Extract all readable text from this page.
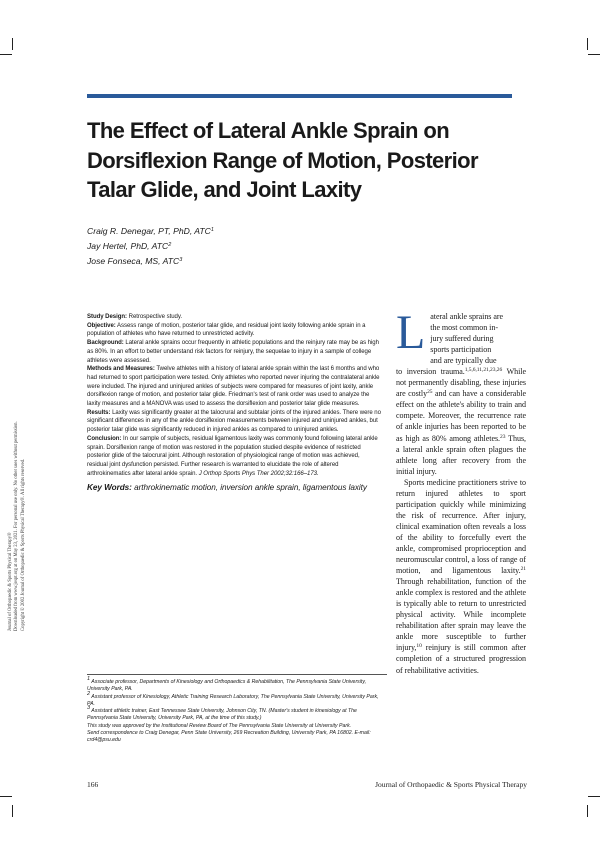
The Effect of Lateral Ankle Sprain on Dorsiflexion Range of Motion, Posterior Talar Glide, and Joint Laxity
Craig R. Denegar, PT, PhD, ATC$^1$
Jay Hertel, PhD, ATC$^2$
Jose Fonseca, MS, ATC$^3$

Study Design: Retrospective study.

Objective: Assess range of motion, posterior talar glide, and residual joint laxity following ankle sprain in a population of athletes who have returned to unrestricted activity.

Background: Lateral ankle sprains occur frequently in athletic populations and the reinjury rate may be as high as 80%. In an effort to better understand risk factors for reinjury, the sequelae to injury in a sample of college athletes were assessed.

Methods and Measures: Twelve athletes with a history of lateral ankle sprain within the last 6 months and who had returned to sport participation were tested. Only athletes who reported never injuring the contralateral ankle were included. The injured and uninjured ankles of subjects were compared for measures of joint laxity, ankle dorsiflexion range of motion, and posterior talar glide. Friedman's test of rank order was used to analyze the laxity measures and a MANOVA was used to assess the dorsiflexion and posterior talar glide measures.

Results: Laxity was significantly greater at the talocrural and subtalar joints of the injured ankles. There were no significant differences in any of the ankle dorsiflexion measurements between injured and uninjured ankles, but posterior talar glide was significantly reduced in injured ankles as compared to uninjured ankles.

Conclusion: In our sample of subjects, residual ligamentous laxity was commonly found following lateral ankle sprain. Dorsiflexion range of motion was restored in the population studied despite evidence of restricted posterior glide of the talocrural joint. Although restoration of physiological range of motion was achieved, residual joint dysfunction persisted. Further research is warranted to elucidate the role of altered arthrokinematics after lateral ankle sprain. J Orthop Sports Phys Ther 2002;32:166–173.

Key Words: arthrokinematic motion, inversion ankle sprain, ligamentous laxity

Journal of Orthopaedic & Sports Physical Therapy® Downloaded from www.jospt.org at on May 23, 2021. For personal use only. No other uses without permission. Copyright © 2002 Journal of Orthopaedic & Sports Physical Therapy®. All rights reserved.

$^1$ Associate professor, Departments of Kinesiology and Orthopaedics & Rehabilitation, The Pennsylvania State University, University Park, PA.

$^2$ Assistant professor of Kinesiology, Athletic Training Research Laboratory, The Pennsylvania State University, University Park, PA.

$^3$ Assistant athletic trainer, East Tennessee State University, Johnson City, TN. (Master's student in kinesiology at The Pennsylvania State University, University Park, PA, at the time of this study.)

This study was approved by the Institutional Review Board of The Pennsylvania State University at University Park.

Send correspondence to Craig Denegar, Penn State University, 269 Recreation Building, University Park, PA 16802. E-mail: crd4@psu.edu

L ateral ankle sprains are
the most common in-
jury suffered during
sports participation
and are typically due

to inversion trauma.$^{1,5,6,11,21,23,26}$ While not permanently disabling, these injuries are costly$^{25}$ and can have a considerable effect on the athlete's ability to train and compete. Moreover, the recurrence rate of ankle injuries has been reported to be as high as 80% among athletes.$^{23}$ Thus, a lateral ankle sprain often plagues the athlete long after recovery from the initial injury.

Sports medicine practitioners strive to return injured athletes to sport participation quickly while minimizing the risk of recurrence. After injury, clinical examination often reveals a loss of the ability to forcefully evert the ankle, compromised proprioception and neuromuscular control, a loss of range of motion, and ligamentous laxity.$^{21}$ Through rehabilitation, function of the ankle complex is restored and the athlete is typically able to return to unrestricted physical activity. While incomplete rehabilitation after sprain may leave the ankle more susceptible to further injury,$^{10}$ reinjury is still common after completion of a structured progression of rehabilitative activities.

166	Journal of Orthopaedic & Sports Physical Therapy
